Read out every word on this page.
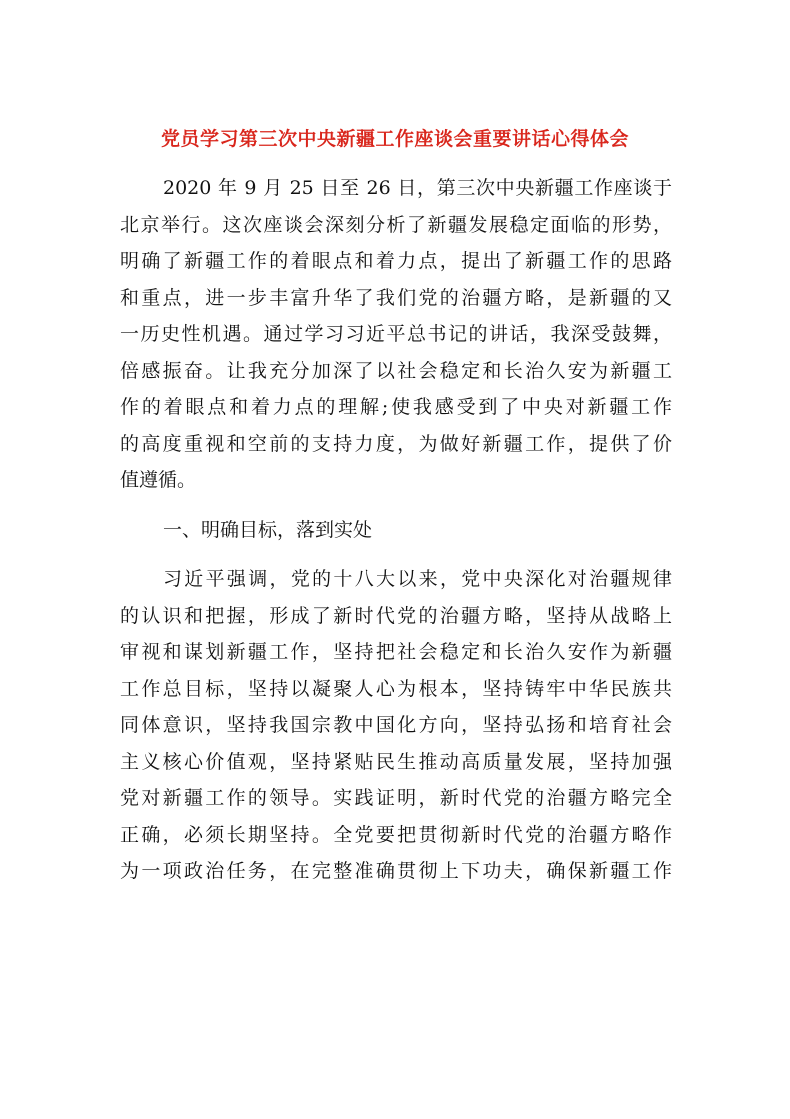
党员学习第三次中央新疆工作座谈会重要讲话心得体会
2020 年 9 月 25 日至 26 日，第三次中央新疆工作座谈于
北京举行。这次座谈会深刻分析了新疆发展稳定面临的形势，
明确了新疆工作的着眼点和着力点，提出了新疆工作的思路
和重点，进一步丰富升华了我们党的治疆方略，是新疆的又
一历史性机遇。通过学习习近平总书记的讲话，我深受鼓舞，
倍感振奋。让我充分加深了以社会稳定和长治久安为新疆工
作的着眼点和着力点的理解;使我感受到了中央对新疆工作
的高度重视和空前的支持力度，为做好新疆工作，提供了价
值遵循。
一、明确目标，落到实处
习近平强调，党的十八大以来，党中央深化对治疆规律
的认识和把握，形成了新时代党的治疆方略，坚持从战略上
审视和谋划新疆工作，坚持把社会稳定和长治久安作为新疆
工作总目标，坚持以凝聚人心为根本，坚持铸牢中华民族共
同体意识，坚持我国宗教中国化方向，坚持弘扬和培育社会
主义核心价值观，坚持紧贴民生推动高质量发展，坚持加强
党对新疆工作的领导。实践证明，新时代党的治疆方略完全
正确，必须长期坚持。全党要把贯彻新时代党的治疆方略作
为一项政治任务，在完整准确贯彻上下功夫，确保新疆工作
